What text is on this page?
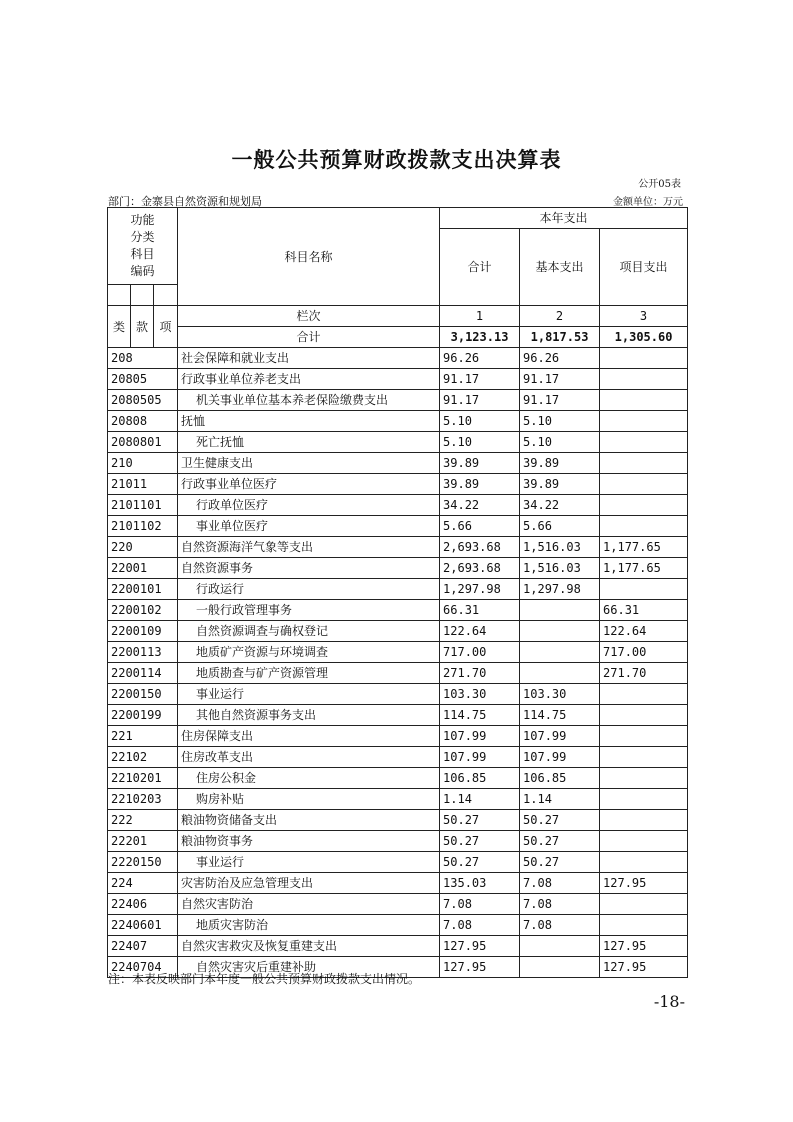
一般公共预算财政拨款支出决算表
公开05表
部门：金寨县自然资源和规划局	金额单位：万元
功能分类科目编码			科目名称	本年支出		
				合计	基本支出	项目支出

类	款	项	栏次	1	2	3
			合计	3,123.13	1,817.53	1,305.60
208			社会保障和就业支出	96.26	96.26	
20805			行政事业单位养老支出	91.17	91.17	
2080505			机关事业单位基本养老保险缴费支出	91.17	91.17	
20808			抚恤	5.10	5.10	
2080801			死亡抚恤	5.10	5.10	
210			卫生健康支出	39.89	39.89	
21011			行政事业单位医疗	39.89	39.89	
2101101			行政单位医疗	34.22	34.22	
2101102			事业单位医疗	5.66	5.66	
220			自然资源海洋气象等支出	2,693.68	1,516.03	1,177.65
22001			自然资源事务	2,693.68	1,516.03	1,177.65
2200101			行政运行	1,297.98	1,297.98	
2200102			一般行政管理事务	66.31		66.31
2200109			自然资源调查与确权登记	122.64		122.64
2200113			地质矿产资源与环境调查	717.00		717.00
2200114			地质勘查与矿产资源管理	271.70		271.70
2200150			事业运行	103.30	103.30	
2200199			其他自然资源事务支出	114.75	114.75	
221			住房保障支出	107.99	107.99	
22102			住房改革支出	107.99	107.99	
2210201			住房公积金	106.85	106.85	
2210203			购房补贴	1.14	1.14	
222			粮油物资储备支出	50.27	50.27	
22201			粮油物资事务	50.27	50.27	
2220150			事业运行	50.27	50.27	
224			灾害防治及应急管理支出	135.03	7.08	127.95
22406			自然灾害防治	7.08	7.08	
2240601			地质灾害防治	7.08	7.08	
22407			自然灾害救灾及恢复重建支出	127.95		127.95
2240704			自然灾害灾后重建补助	127.95		127.95
注：本表反映部门本年度一般公共预算财政拨款支出情况。
-18-
